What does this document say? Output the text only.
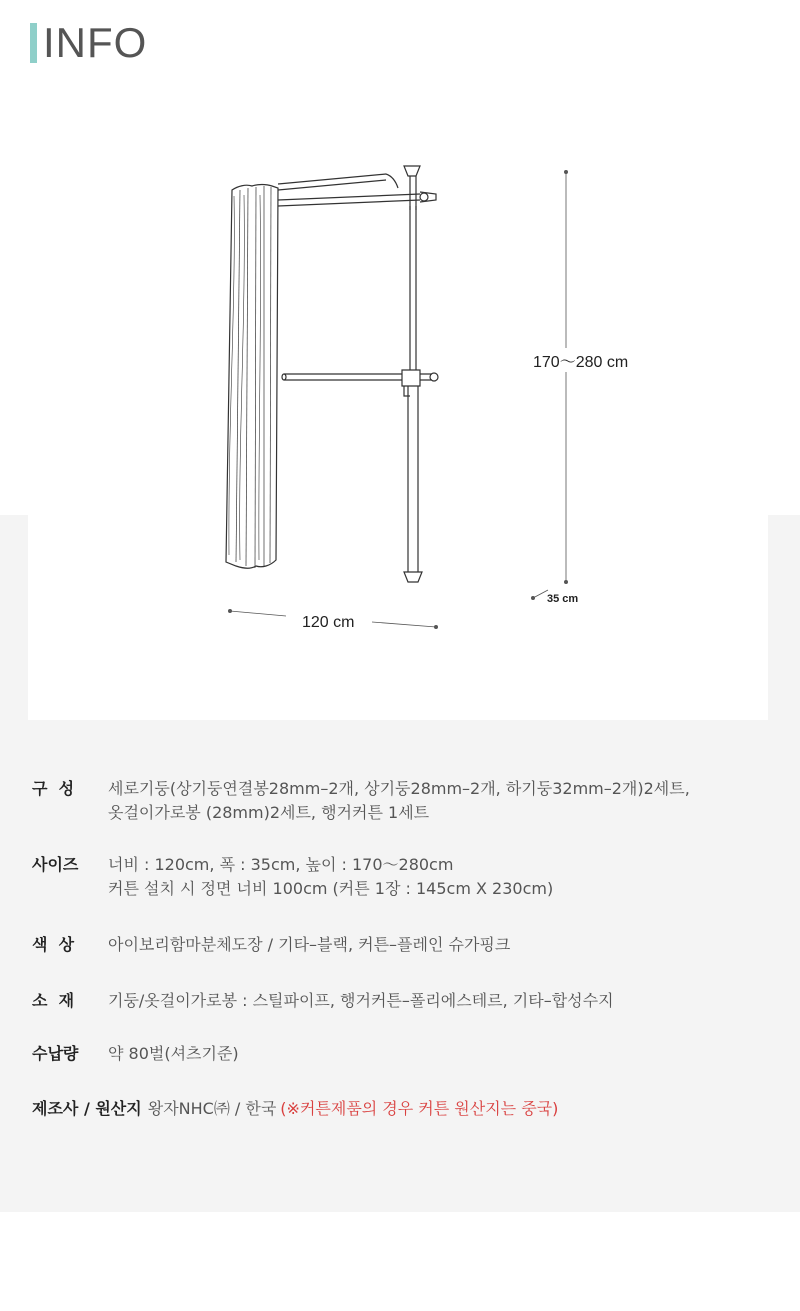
INFO
170～280 cm
120 cm
35 cm
구  성	세로기둥(상기둥연결봉28mm–2개, 상기둥28mm–2개, 하기둥32mm–2개)2세트,
옷걸이가로봉 (28mm)2세트, 행거커튼 1세트
사이즈	너비 : 120cm, 폭 : 35cm, 높이 : 170～280cm
커튼 설치 시 정면 너비 100cm (커튼 1장 : 145cm X 230cm)
색  상	아이보리함마분체도장 / 기타–블랙, 커튼–플레인 슈가핑크
소  재	기둥/옷걸이가로봉 : 스틸파이프, 행거커튼–폴리에스테르, 기타–합성수지
수납량	약 80벌(셔츠기준)
제조사 / 원산지 왕자NHC㈜ / 한국 (※커튼제품의 경우 커튼 원산지는 중국)
